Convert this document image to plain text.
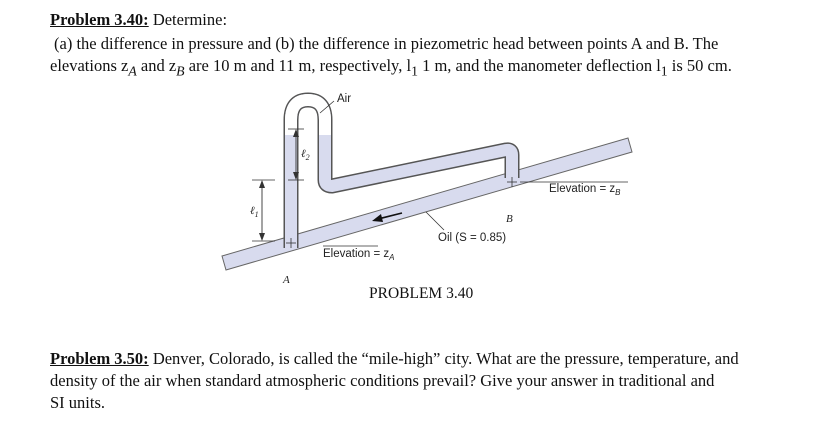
Problem 3.40: Determine:

(a) the difference in pressure and (b) the difference in piezometric head between points A and B. The
elevations $z_A$ and $z_B$ are 10 m and 11 m, respectively, $l_1$ 1 m, and the manometer deflection $l_1$ is 50 cm.

Air
ℓ$_2$
ℓ$_1$
A
B
Oil (S = 0.85)
Elevation = $z_A$
Elevation = $z_B$
PROBLEM 3.40

Problem 3.50: Denver, Colorado, is called the “mile-high” city. What are the pressure, temperature, and
density of the air when standard atmospheric conditions prevail? Give your answer in traditional and
SI units.
